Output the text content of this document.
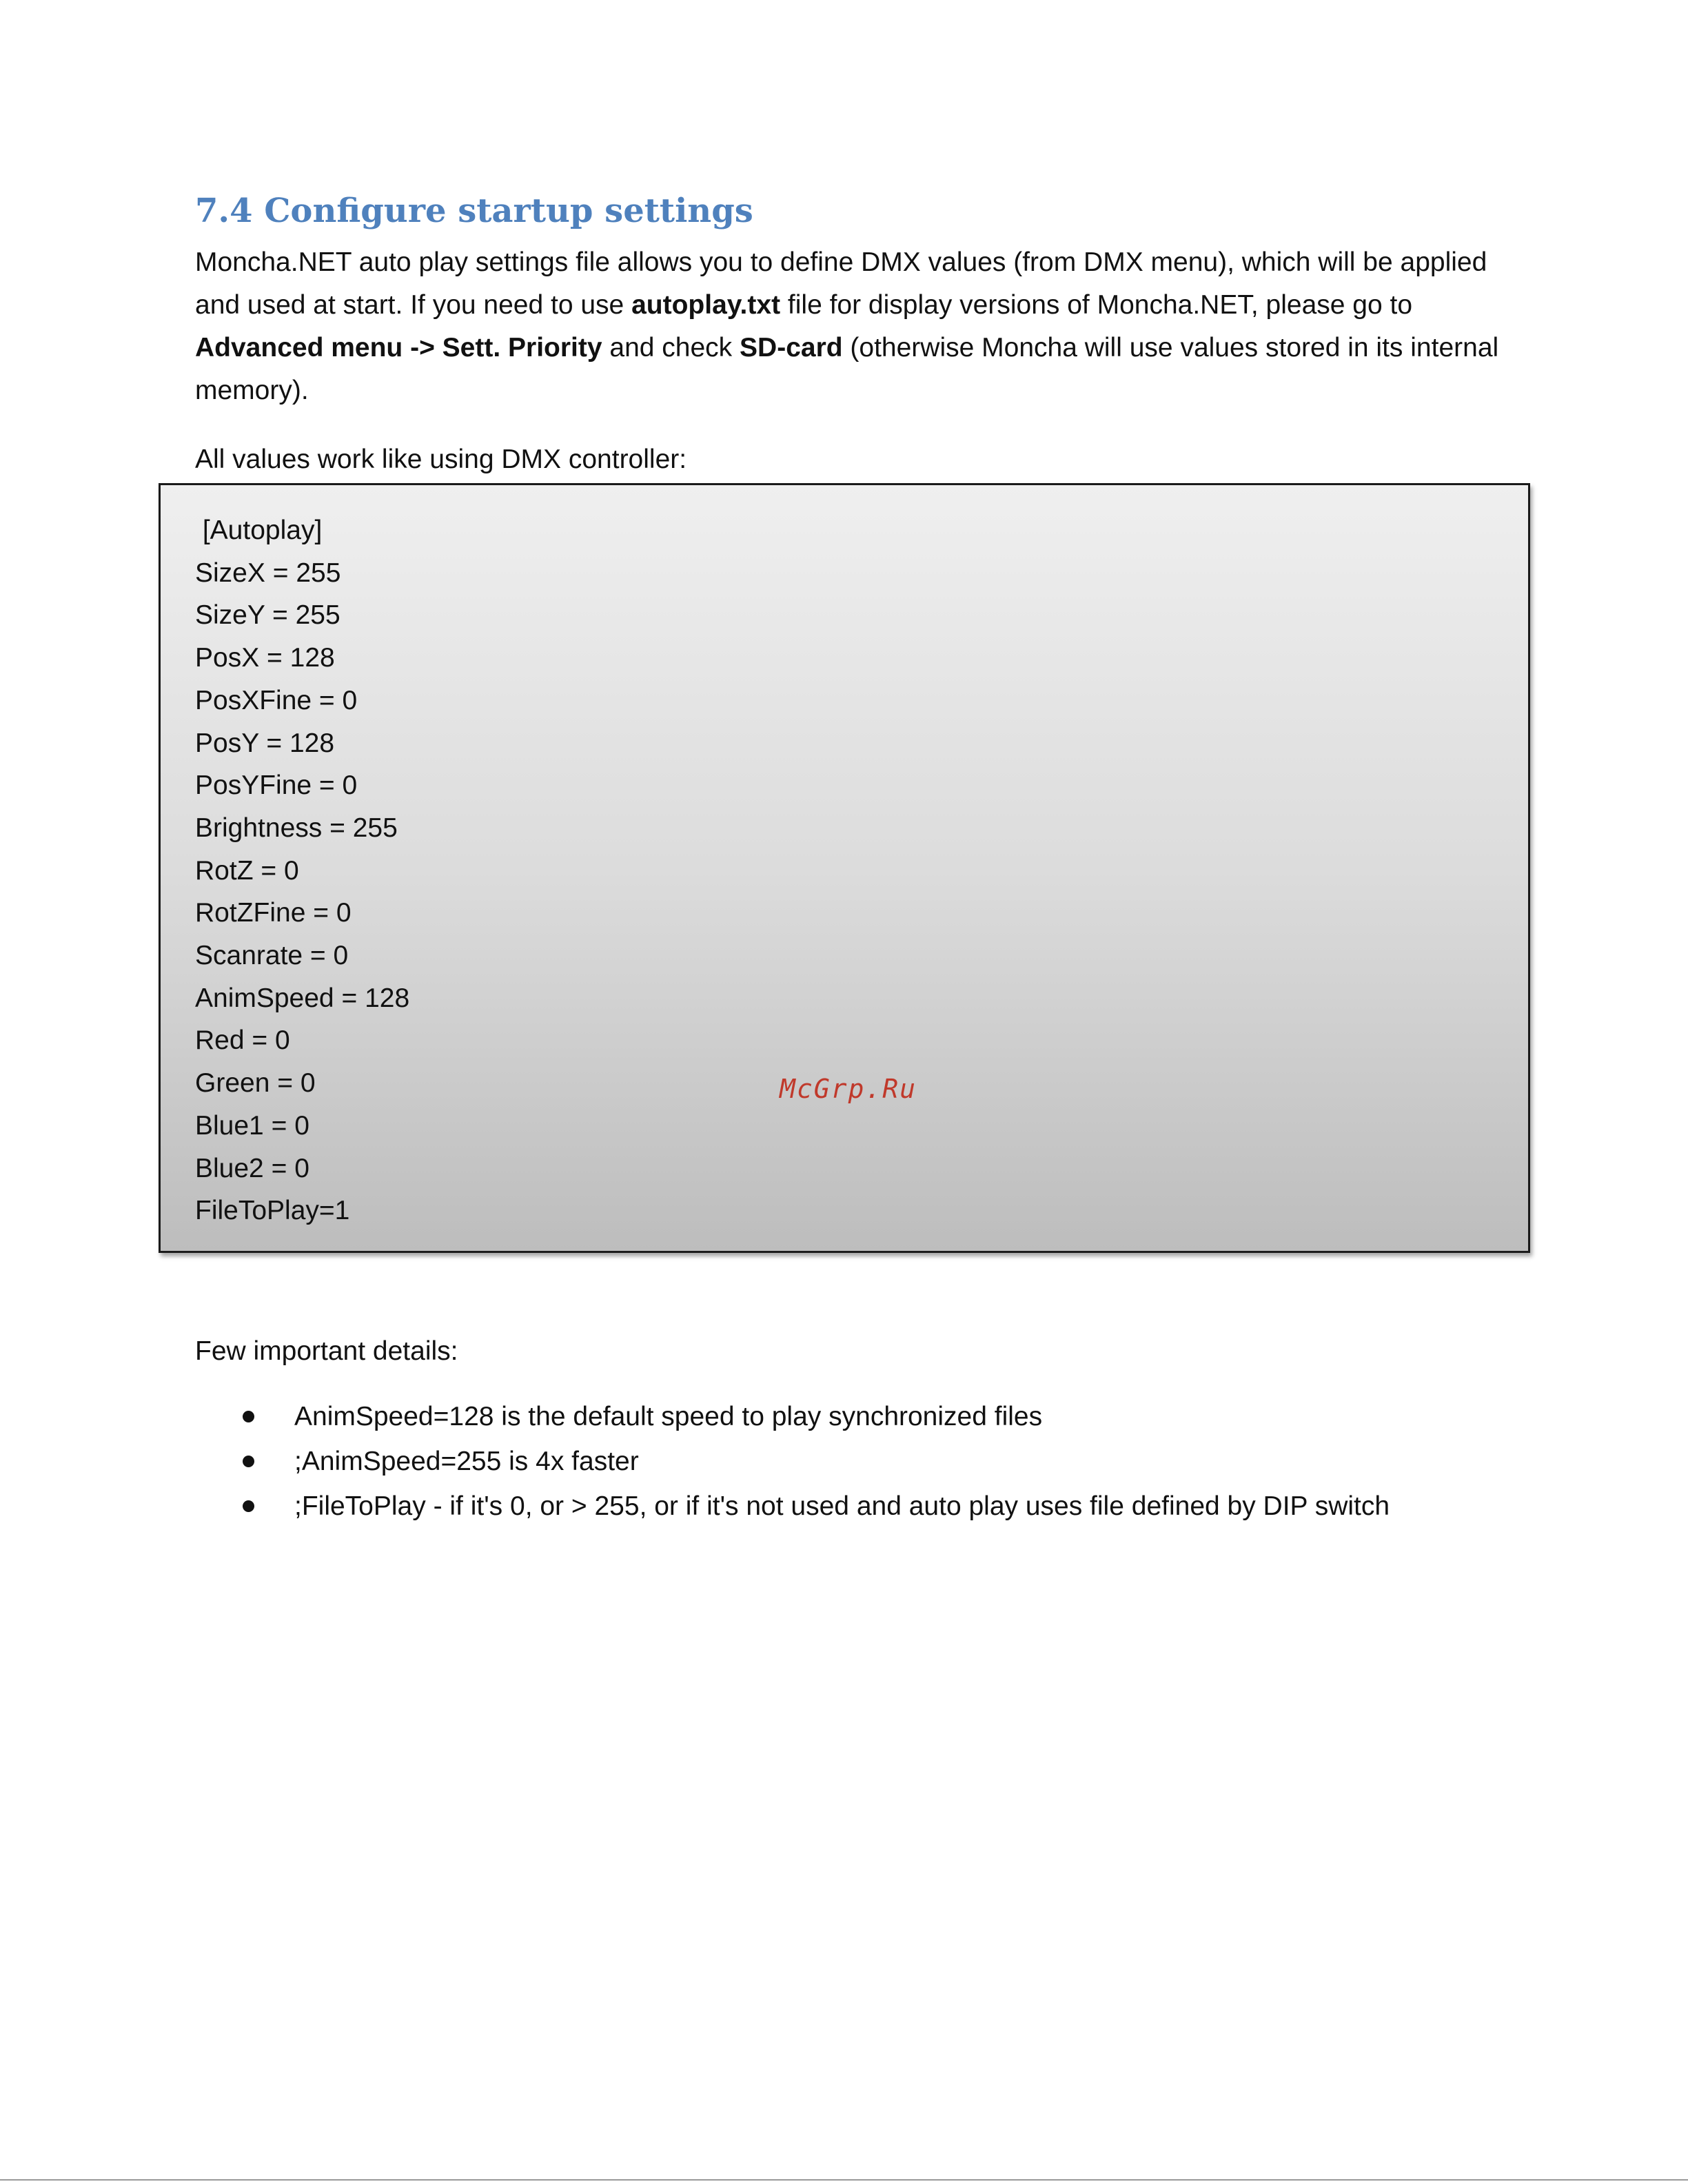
7.4 Configure startup settings

Moncha.NET auto play settings file allows you to define DMX values (from DMX menu), which will be applied and used at start. If you need to use autoplay.txt file for display versions of Moncha.NET, please go to Advanced menu -> Sett. Priority and check SD-card (otherwise Moncha will use values stored in its internal memory).

All values work like using DMX controller:

[Autoplay]
SizeX = 255
SizeY = 255
PosX = 128
PosXFine = 0
PosY = 128
PosYFine = 0
Brightness = 255
RotZ = 0
RotZFine = 0
Scanrate = 0
AnimSpeed = 128
Red = 0
Green = 0
Blue1 = 0
Blue2 = 0
FileToPlay=1
McGrp.Ru

Few important details:

AnimSpeed=128 is the default speed to play synchronized files
;AnimSpeed=255 is 4x faster
;FileToPlay - if it's 0, or > 255, or if it's not used and auto play uses file defined by DIP switch
